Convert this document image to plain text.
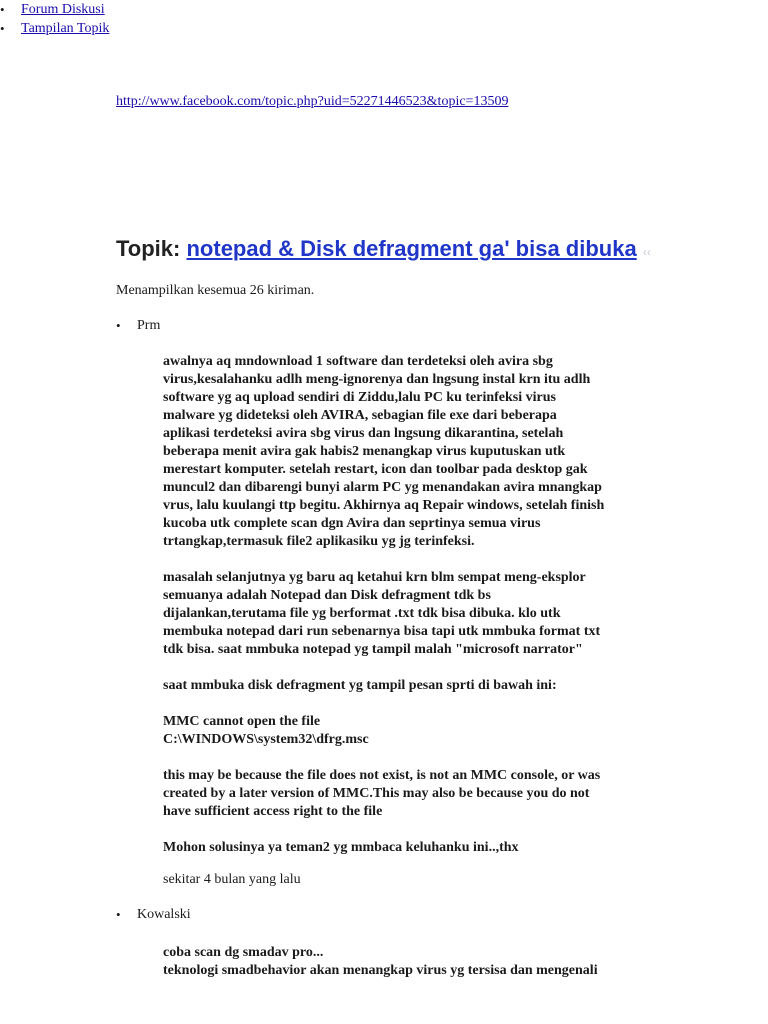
http://www.facebook.com/topic.php?uid=52271446523&topic=13509
• Forum Diskusi
• Tampilan Topik
Topik: notepad & Disk defragment ga' bisa dibuka ‹‹
Menampilkan kesemua 26 kiriman.
• Prm

awalnya aq mndownload 1 software dan terdeteksi oleh avira sbg
virus,kesalahanku adlh meng-ignorenya dan lngsung instal krn itu adlh
software yg aq upload sendiri di Ziddu,lalu PC ku terinfeksi virus
malware yg dideteksi oleh AVIRA, sebagian file exe dari beberapa
aplikasi terdeteksi avira sbg virus dan lngsung dikarantina, setelah
beberapa menit avira gak habis2 menangkap virus kuputuskan utk
merestart komputer. setelah restart, icon dan toolbar pada desktop gak
muncul2 dan dibarengi bunyi alarm PC yg menandakan avira mnangkap
vrus, lalu kuulangi ttp begitu. Akhirnya aq Repair windows, setelah finish
kucoba utk complete scan dgn Avira dan seprtinya semua virus
trtangkap,termasuk file2 aplikasiku yg jg terinfeksi.

masalah selanjutnya yg baru aq ketahui krn blm sempat meng-eksplor
semuanya adalah Notepad dan Disk defragment tdk bs
dijalankan,terutama file yg berformat .txt tdk bisa dibuka. klo utk
membuka notepad dari run sebenarnya bisa tapi utk mmbuka format txt
tdk bisa. saat mmbuka notepad yg tampil malah "microsoft narrator"

saat mmbuka disk defragment yg tampil pesan sprti di bawah ini:

MMC cannot open the file
C:\WINDOWS\system32\dfrg.msc

this may be because the file does not exist, is not an MMC console, or was
created by a later version of MMC.This may also be because you do not
have sufficient access right to the file

Mohon solusinya ya teman2 yg mmbaca keluhanku ini..,thx

sekitar 4 bulan yang lalu
• Kowalski

coba scan dg smadav pro...
teknologi smadbehavior akan menangkap virus yg tersisa dan mengenali
